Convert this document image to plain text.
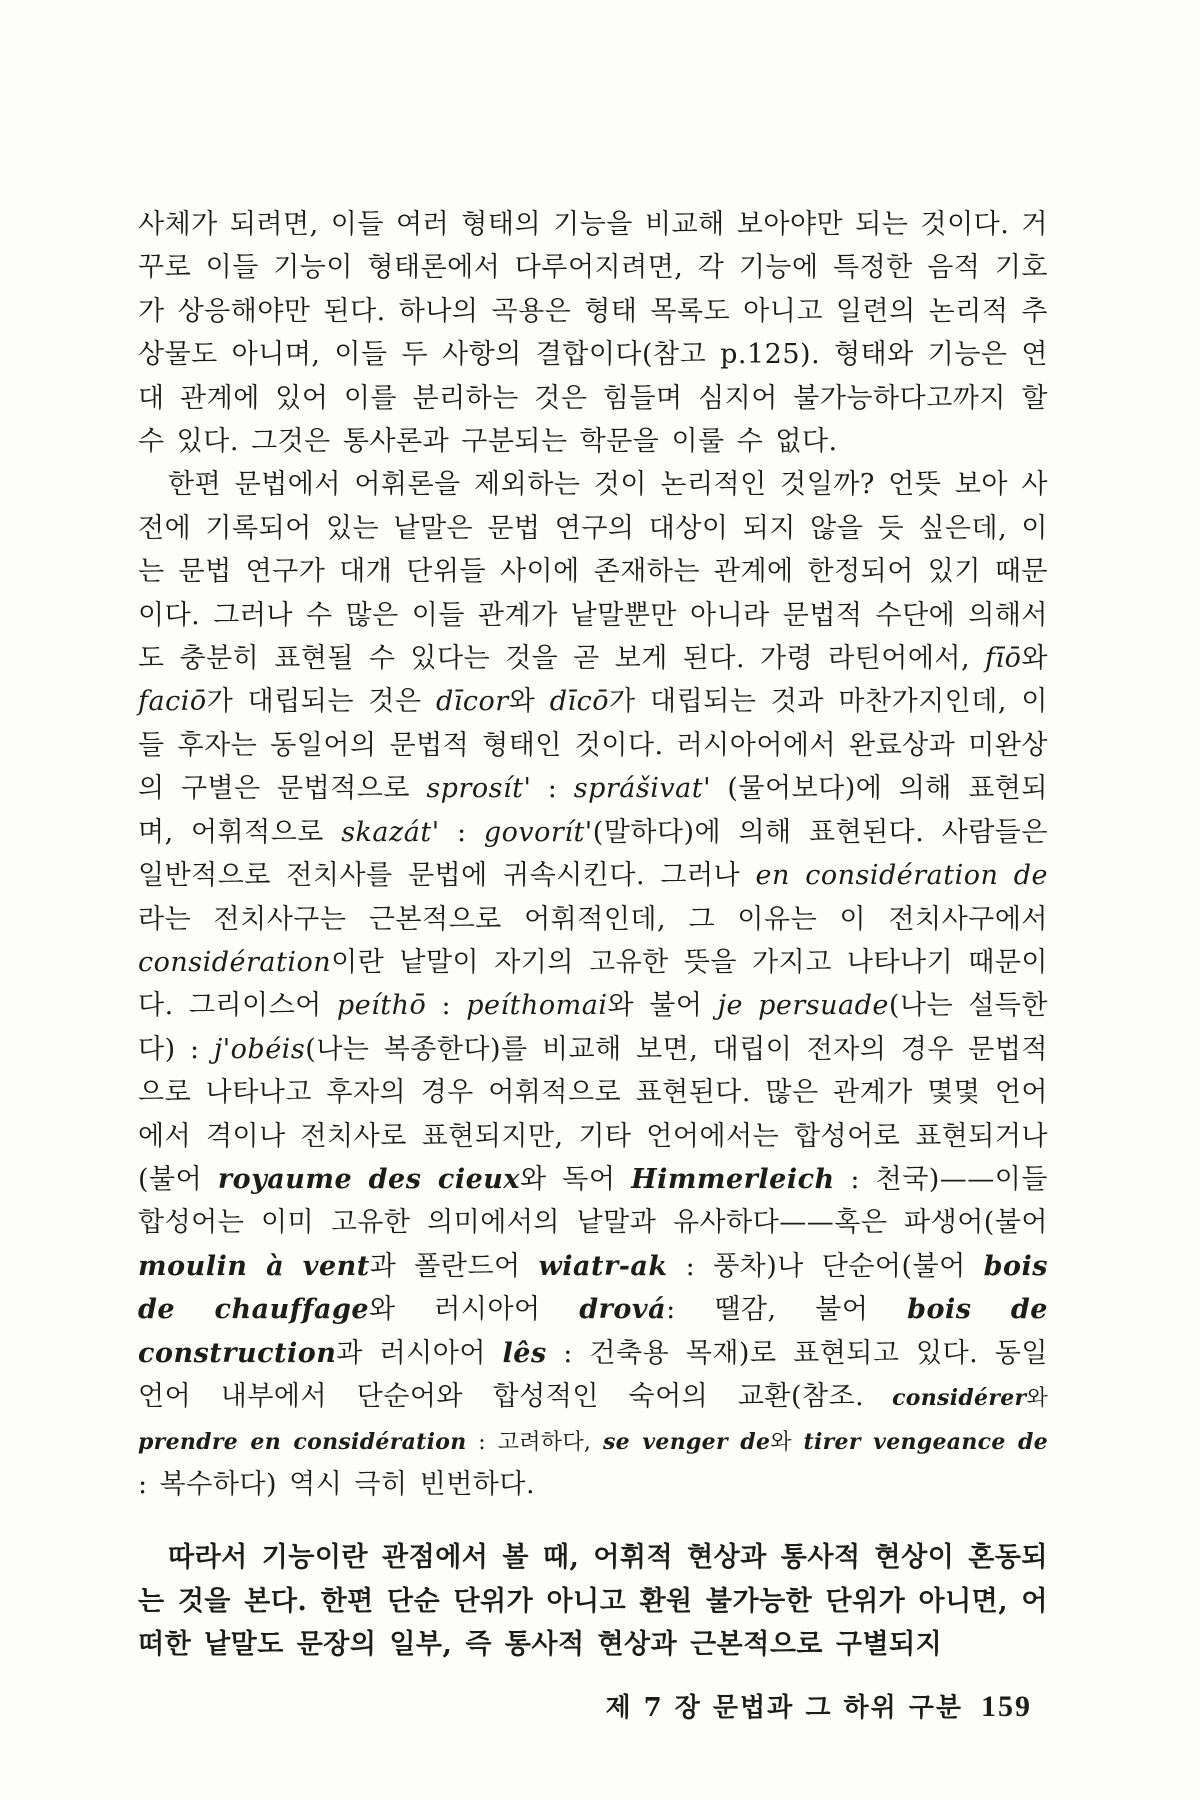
사체가 되려면, 이들 여러 형태의 기능을 비교해 보아야만 되는 것이다. 거꾸로 이들 기능이 형태론에서 다루어지려면, 각 기능에 특정한 음적 기호가 상응해야만 된다. 하나의 곡용은 형태 목록도 아니고 일련의 논리적 추상물도 아니며, 이들 두 사항의 결합이다(참고 p.125). 형태와 기능은 연대 관계에 있어 이를 분리하는 것은 힘들며 심지어 불가능하다고까지 할 수 있다. 그것은 통사론과 구분되는 학문을 이룰 수 없다.

한편 문법에서 어휘론을 제외하는 것이 논리적인 것일까? 언뜻 보아 사전에 기록되어 있는 낱말은 문법 연구의 대상이 되지 않을 듯 싶은데, 이는 문법 연구가 대개 단위들 사이에 존재하는 관계에 한정되어 있기 때문이다. 그러나 수 많은 이들 관계가 낱말뿐만 아니라 문법적 수단에 의해서도 충분히 표현될 수 있다는 것을 곧 보게 된다. 가령 라틴어에서, fīō와 faciō가 대립되는 것은 dīcor와 dīcō가 대립되는 것과 마찬가지인데, 이들 후자는 동일어의 문법적 형태인 것이다. 러시아어에서 완료상과 미완상의 구별은 문법적으로 sprosít' : sprášivat' (물어보다)에 의해 표현되며, 어휘적으로 skazát' : govorít'(말하다)에 의해 표현된다. 사람들은 일반적으로 전치사를 문법에 귀속시킨다. 그러나 en considération de라는 전치사구는 근본적으로 어휘적인데, 그 이유는 이 전치사구에서 considération이란 낱말이 자기의 고유한 뜻을 가지고 나타나기 때문이다. 그리이스어 peíthō : peíthomai와 불어 je persuade(나는 설득한다) : j'obéis(나는 복종한다)를 비교해 보면, 대립이 전자의 경우 문법적으로 나타나고 후자의 경우 어휘적으로 표현된다. 많은 관계가 몇몇 언어에서 격이나 전치사로 표현되지만, 기타 언어에서는 합성어로 표현되거나(불어 royaume des cieux와 독어 Himmerleich : 천국)——이들 합성어는 이미 고유한 의미에서의 낱말과 유사하다——혹은 파생어(불어 moulin à vent과 폴란드어 wiatr-ak : 풍차)나 단순어(불어 bois de chauffage와 러시아어 drová: 땔감, 불어 bois de construction과 러시아어 lês : 건축용 목재)로 표현되고 있다. 동일 언어 내부에서 단순어와 합성적인 숙어의 교환(참조. considérer와 prendre en considération : 고려하다, se venger de와 tirer vengeance de : 복수하다) 역시 극히 빈번하다.

따라서 기능이란 관점에서 볼 때, 어휘적 현상과 통사적 현상이 혼동되는 것을 본다. 한편 단순 단위가 아니고 환원 불가능한 단위가 아니면, 어떠한 낱말도 문장의 일부, 즉 통사적 현상과 근본적으로 구별되지

제 7 장 문법과 그 하위 구분 159
